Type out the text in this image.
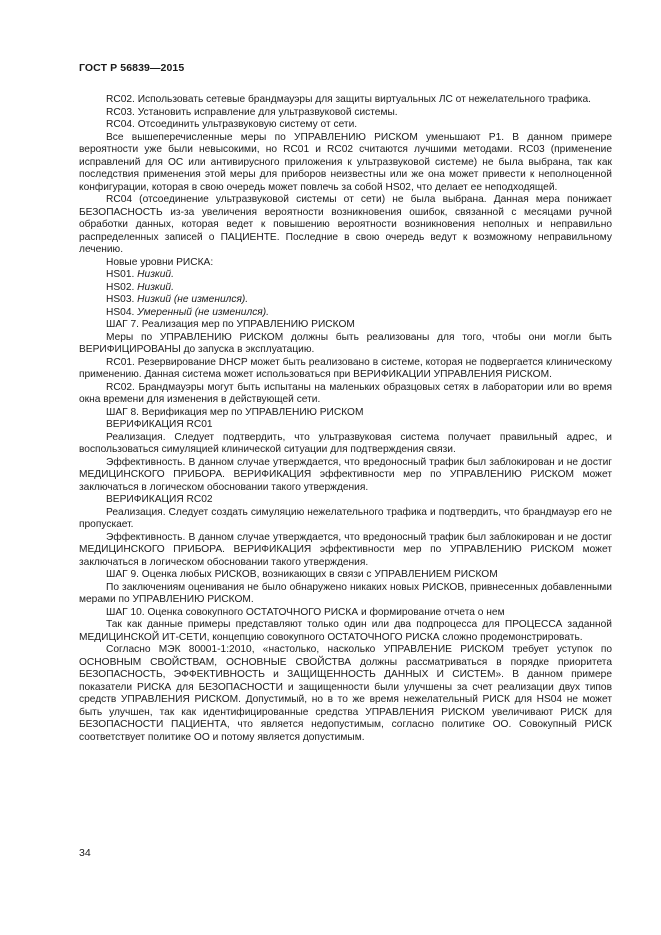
ГОСТ Р 56839—2015

RC02. Использовать сетевые брандмауэры для защиты виртуальных ЛС от нежелательного трафика.

RC03. Установить исправление для ультразвуковой системы.

RC04. Отсоединить ультразвуковую систему от сети.

Все вышеперечисленные меры по УПРАВЛЕНИЮ РИСКОМ уменьшают P1. В данном примере вероятности уже были невысокими, но RC01 и RC02 считаются лучшими методами. RC03 (применение исправлений для ОС или антивирусного приложения к ультразвуковой системе) не была выбрана, так как последствия применения этой меры для приборов неизвестны или же она может привести к неполноценной конфигурации, которая в свою очередь может повлечь за собой HS02, что делает ее неподходящей.

RC04 (отсоединение ультразвуковой системы от сети) не была выбрана. Данная мера понижает БЕЗОПАСНОСТЬ из-за увеличения вероятности возникновения ошибок, связанной с месяцами ручной обработки данных, которая ведет к повышению вероятности возникновения неполных и неправильно распределенных записей о ПАЦИЕНТЕ. Последние в свою очередь ведут к возможному неправильному лечению.

Новые уровни РИСКА:

HS01. Низкий.

HS02. Низкий.

HS03. Низкий (не изменился).

HS04. Умеренный (не изменился).

ШАГ 7. Реализация мер по УПРАВЛЕНИЮ РИСКОМ

Меры по УПРАВЛЕНИЮ РИСКОМ должны быть реализованы для того, чтобы они могли быть ВЕРИФИЦИРОВАНЫ до запуска в эксплуатацию.

RC01. Резервирование DHCP может быть реализовано в системе, которая не подвергается клиническому применению. Данная система может использоваться при ВЕРИФИКАЦИИ УПРАВЛЕНИЯ РИСКОМ.

RC02. Брандмауэры могут быть испытаны на маленьких образцовых сетях в лаборатории или во время окна времени для изменения в действующей сети.

ШАГ 8. Верификация мер по УПРАВЛЕНИЮ РИСКОМ

ВЕРИФИКАЦИЯ RC01

Реализация. Следует подтвердить, что ультразвуковая система получает правильный адрес, и воспользоваться симуляцией клинической ситуации для подтверждения связи.

Эффективность. В данном случае утверждается, что вредоносный трафик был заблокирован и не достиг МЕДИЦИНСКОГО ПРИБОРА. ВЕРИФИКАЦИЯ эффективности мер по УПРАВЛЕНИЮ РИСКОМ может заключаться в логическом обосновании такого утверждения.

ВЕРИФИКАЦИЯ RC02

Реализация. Следует создать симуляцию нежелательного трафика и подтвердить, что брандмауэр его не пропускает.

Эффективность. В данном случае утверждается, что вредоносный трафик был заблокирован и не достиг МЕДИЦИНСКОГО ПРИБОРА. ВЕРИФИКАЦИЯ эффективности мер по УПРАВЛЕНИЮ РИСКОМ может заключаться в логическом обосновании такого утверждения.

ШАГ 9. Оценка любых РИСКОВ, возникающих в связи с УПРАВЛЕНИЕМ РИСКОМ

По заключениям оценивания не было обнаружено никаких новых РИСКОВ, привнесенных добавленными мерами по УПРАВЛЕНИЮ РИСКОМ.

ШАГ 10. Оценка совокупного ОСТАТОЧНОГО РИСКА и формирование отчета о нем

Так как данные примеры представляют только один или два подпроцесса для ПРОЦЕССА заданной МЕДИЦИНСКОЙ ИТ-СЕТИ, концепцию совокупного ОСТАТОЧНОГО РИСКА сложно продемонстрировать.

Согласно МЭК 80001-1:2010, «настолько, насколько УПРАВЛЕНИЕ РИСКОМ требует уступок по ОСНОВНЫМ СВОЙСТВАМ, ОСНОВНЫЕ СВОЙСТВА должны рассматриваться в порядке приоритета БЕЗОПАСНОСТЬ, ЭФФЕКТИВНОСТЬ и ЗАЩИЩЕННОСТЬ ДАННЫХ И СИСТЕМ». В данном примере показатели РИСКА для БЕЗОПАСНОСТИ и защищенности были улучшены за счет реализации двух типов средств УПРАВЛЕНИЯ РИСКОМ. Допустимый, но в то же время нежелательный РИСК для HS04 не может быть улучшен, так как идентифицированные средства УПРАВЛЕНИЯ РИСКОМ увеличивают РИСК для БЕЗОПАСНОСТИ ПАЦИЕНТА, что является недопустимым, согласно политике ОО. Совокупный РИСК соответствует политике ОО и потому является допустимым.

34
